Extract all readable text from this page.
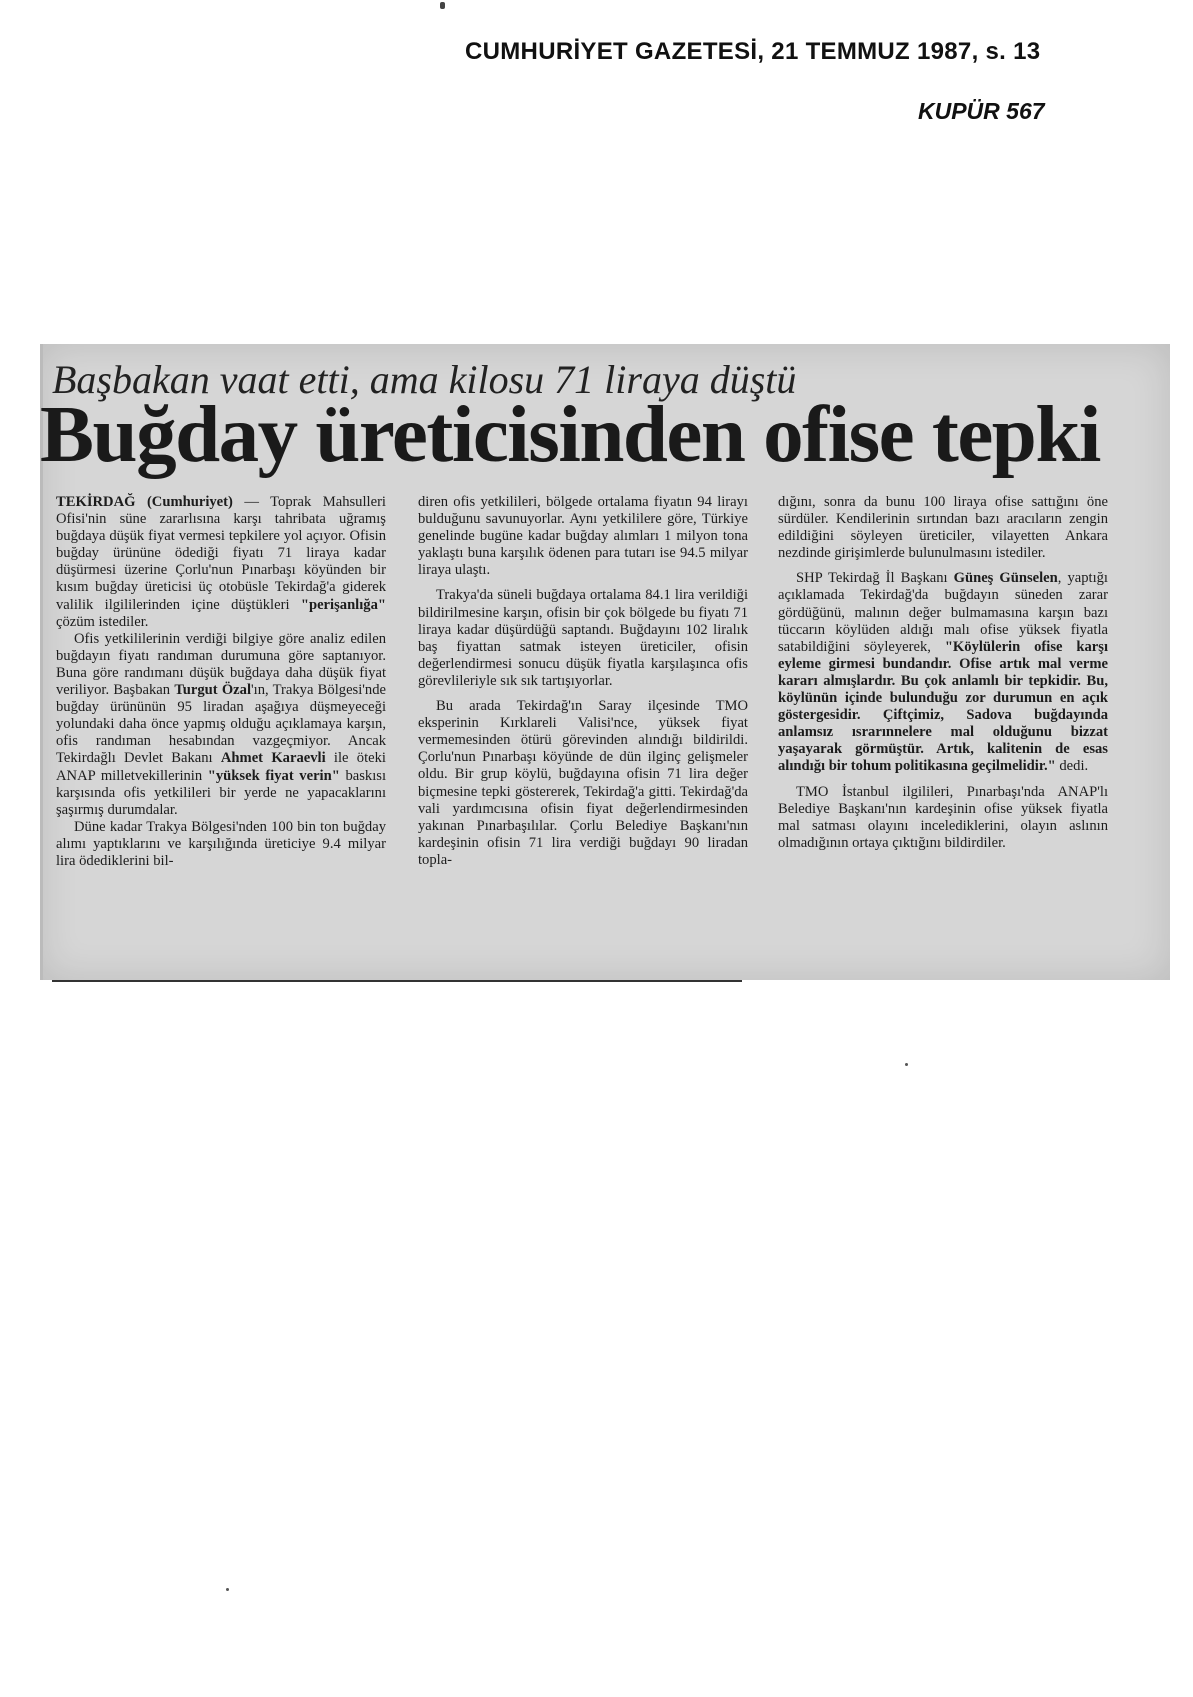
CUMHURİYET GAZETESİ, 21 TEMMUZ 1987, s. 13
KUPÜR 567
Başbakan vaat etti, ama kilosu 71 liraya düştü
Buğday üreticisinden ofise tepki

TEKİRDAĞ (Cumhuriyet) — Toprak Mahsulleri Ofisi'nin süne zararlısına karşı tahribata uğramış buğdaya düşük fiyat vermesi tepkilere yol açıyor. Ofisin buğday ürününe ödediği fiyatı 71 liraya kadar düşürmesi üzerine Çorlu'nun Pınarbaşı köyünden bir kısım buğday üreticisi üç otobüsle Tekirdağ'a giderek valilik ilgililerinden içine düştükleri "perişanlığa" çözüm istediler.

Ofis yetkililerinin verdiği bilgiye göre analiz edilen buğdayın fiyatı randıman durumuna göre saptanıyor. Buna göre randımanı düşük buğdaya daha düşük fiyat veriliyor. Başbakan Turgut Özal'ın, Trakya Bölgesi'nde buğday ürününün 95 liradan aşağıya düşmeyeceği yolundaki daha önce yapmış olduğu açıklamaya karşın, ofis randıman hesabından vazgeçmiyor. Ancak Tekirdağlı Devlet Bakanı Ahmet Karaevli ile öteki ANAP milletvekillerinin "yüksek fiyat verin" baskısı karşısında ofis yetkilileri bir yerde ne yapacaklarını şaşırmış durumdalar.

Düne kadar Trakya Bölgesi'nden 100 bin ton buğday alımı yaptıklarını ve karşılığında üreticiye 9.4 milyar lira ödediklerini bil-

diren ofis yetkilileri, bölgede ortalama fiyatın 94 lirayı bulduğunu savunuyorlar. Aynı yetkililere göre, Türkiye genelinde bugüne kadar buğday alımları 1 milyon tona yaklaştı buna karşılık ödenen para tutarı ise 94.5 milyar liraya ulaştı.

Trakya'da süneli buğdaya ortalama 84.1 lira verildiği bildirilmesine karşın, ofisin bir çok bölgede bu fiyatı 71 liraya kadar düşürdüğü saptandı. Buğdayını 102 liralık baş fiyattan satmak isteyen üreticiler, ofisin değerlendirmesi sonucu düşük fiyatla karşılaşınca ofis görevlileriyle sık sık tartışıyorlar.

Bu arada Tekirdağ'ın Saray ilçesinde TMO eksperinin Kırklareli Valisi'nce, yüksek fiyat vermemesinden ötürü görevinden alındığı bildirildi. Çorlu'nun Pınarbaşı köyünde de dün ilginç gelişmeler oldu. Bir grup köylü, buğdayına ofisin 71 lira değer biçmesine tepki göstererek, Tekirdağ'a gitti. Tekirdağ'da vali yardımcısına ofisin fiyat değerlendirmesinden yakınan Pınarbaşılılar. Çorlu Belediye Başkanı'nın kardeşinin ofisin 71 lira verdiği buğdayı 90 liradan topla-

dığını, sonra da bunu 100 liraya ofise sattığını öne sürdüler. Kendilerinin sırtından bazı aracıların zengin edildiğini söyleyen üreticiler, vilayetten Ankara nezdinde girişimlerde bulunulmasını istediler.

SHP Tekirdağ İl Başkanı Güneş Günselen, yaptığı açıklamada Tekirdağ'da buğdayın süneden zarar gördüğünü, malının değer bulmamasına karşın bazı tüccarın köylüden aldığı malı ofise yüksek fiyatla satabildiğini söyleyerek, "Köylülerin ofise karşı eyleme girmesi bundandır. Ofise artık mal verme kararı almışlardır. Bu çok anlamlı bir tepkidir. Bu, köylünün içinde bulunduğu zor durumun en açık göstergesidir. Çiftçimiz, Sadova buğdayında anlamsız ısrarınnelere mal olduğunu bizzat yaşayarak görmüştür. Artık, kalitenin de esas alındığı bir tohum politikasına geçilmelidir." dedi.

TMO İstanbul ilgilileri, Pınarbaşı'nda ANAP'lı Belediye Başkanı'nın kardeşinin ofise yüksek fiyatla mal satması olayını incelediklerini, olayın aslının olmadığının ortaya çıktığını bildirdiler.
